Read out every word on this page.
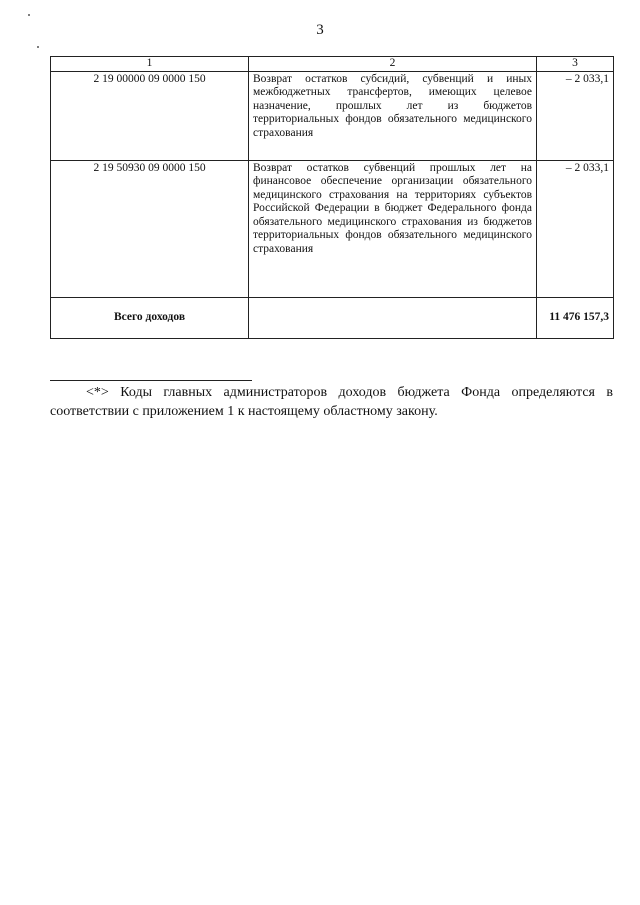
3
1	2	3
2 19 00000 09 0000 150	Возврат остатков субсидий, субвенций и иных межбюджетных трансфертов, имеющих целевое назначение, прошлых лет из бюджетов территориальных фондов обязательного медицинского страхования	– 2 033,1
2 19 50930 09 0000 150	Возврат остатков субвенций прошлых лет на финансовое обеспечение организации обязательного медицинского страхования на территориях субъектов Российской Федерации в бюджет Федерального фонда обязательного медицинского страхования из бюджетов территориальных фондов обязательного медицинского страхования	– 2 033,1
Всего доходов		11 476 157,3
<*> Коды главных администраторов доходов бюджета Фонда определяются в соответствии с приложением 1 к настоящему областному закону.
